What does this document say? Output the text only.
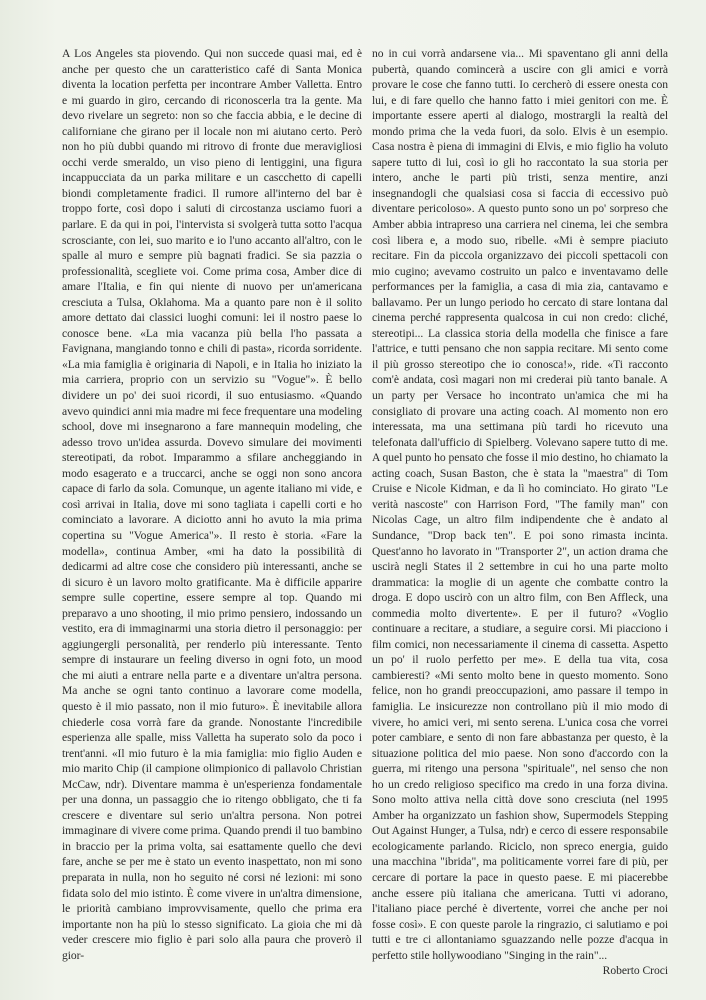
A Los Angeles sta piovendo. Qui non succede quasi mai, ed è anche per questo che un caratteristico café di Santa Monica diventa la location perfetta per incontrare Amber Valletta. Entro e mi guardo in giro, cercando di riconoscerla tra la gente. Ma devo rivelare un segreto: non so che faccia abbia, e le decine di californiane che girano per il locale non mi aiutano certo. Però non ho più dubbi quando mi ritrovo di fronte due meravigliosi occhi verde smeraldo, un viso pieno di lentiggini, una figura incappucciata da un parka militare e un cascchetto di capelli biondi completamente fradici. Il rumore all'interno del bar è troppo forte, così dopo i saluti di circostanza usciamo fuori a parlare. E da qui in poi, l'intervista si svolgerà tutta sotto l'acqua scrosciante, con lei, suo marito e io l'uno accanto all'altro, con le spalle al muro e sempre più bagnati fradici. Se sia pazzia o professionalità, scegliete voi. Come prima cosa, Amber dice di amare l'Italia, e fin qui niente di nuovo per un'americana cresciuta a Tulsa, Oklahoma. Ma a quanto pare non è il solito amore dettato dai classici luoghi comuni: lei il nostro paese lo conosce bene. «La mia vacanza più bella l'ho passata a Favignana, mangiando tonno e chili di pasta», ricorda sorridente. «La mia famiglia è originaria di Napoli, e in Italia ho iniziato la mia carriera, proprio con un servizio su "Vogue"». È bello dividere un po' dei suoi ricordi, il suo entusiasmo. «Quando avevo quindici anni mia madre mi fece frequentare una modeling school, dove mi insegnarono a fare mannequin modeling, che adesso trovo un'idea assurda. Dovevo simulare dei movimenti stereotipati, da robot. Imparammo a sfilare ancheggiando in modo esagerato e a truccarci, anche se oggi non sono ancora capace di farlo da sola. Comunque, un agente italiano mi vide, e così arrivai in Italia, dove mi sono tagliata i capelli corti e ho cominciato a lavorare. A diciotto anni ho avuto la mia prima copertina su "Vogue America"». Il resto è storia. «Fare la modella», continua Amber, «mi ha dato la possibilità di dedicarmi ad altre cose che considero più interessanti, anche se di sicuro è un lavoro molto gratificante. Ma è difficile apparire sempre sulle copertine, essere sempre al top. Quando mi preparavo a uno shooting, il mio primo pensiero, indossando un vestito, era di immaginarmi una storia dietro il personaggio: per aggiungergli personalità, per renderlo più interessante. Tento sempre di instaurare un feeling diverso in ogni foto, un mood che mi aiuti a entrare nella parte e a diventare un'altra persona. Ma anche se ogni tanto continuo a lavorare come modella, questo è il mio passato, non il mio futuro». È inevitabile allora chiederle cosa vorrà fare da grande. Nonostante l'incredibile esperienza alle spalle, miss Valletta ha superato solo da poco i trent'anni. «Il mio futuro è la mia famiglia: mio figlio Auden e mio marito Chip (il campione olimpionico di pallavolo Christian McCaw, ndr). Diventare mamma è un'esperienza fondamentale per una donna, un passaggio che io ritengo obbligato, che ti fa crescere e diventare sul serio un'altra persona. Non potrei immaginare di vivere come prima. Quando prendi il tuo bambino in braccio per la prima volta, sai esattamente quello che devi fare, anche se per me è stato un evento inaspettato, non mi sono preparata in nulla, non ho seguito né corsi né lezioni: mi sono fidata solo del mio istinto. È come vivere in un'altra dimensione, le priorità cambiano improvvisamente, quello che prima era importante non ha più lo stesso significato. La gioia che mi dà veder crescere mio figlio è pari solo alla paura che proverò il gior-

no in cui vorrà andarsene via... Mi spaventano gli anni della pubertà, quando comincerà a uscire con gli amici e vorrà provare le cose che fanno tutti. Io cercherò di essere onesta con lui, e di fare quello che hanno fatto i miei genitori con me. È importante essere aperti al dialogo, mostrargli la realtà del mondo prima che la veda fuori, da solo. Elvis è un esempio. Casa nostra è piena di immagini di Elvis, e mio figlio ha voluto sapere tutto di lui, così io gli ho raccontato la sua storia per intero, anche le parti più tristi, senza mentire, anzi insegnandogli che qualsiasi cosa si faccia di eccessivo può diventare pericoloso». A questo punto sono un po' sorpreso che Amber abbia intrapreso una carriera nel cinema, lei che sembra così libera e, a modo suo, ribelle. «Mi è sempre piaciuto recitare. Fin da piccola organizzavo dei piccoli spettacoli con mio cugino; avevamo costruito un palco e inventavamo delle performances per la famiglia, a casa di mia zia, cantavamo e ballavamo. Per un lungo periodo ho cercato di stare lontana dal cinema perché rappresenta qualcosa in cui non credo: cliché, stereotipi... La classica storia della modella che finisce a fare l'attrice, e tutti pensano che non sappia recitare. Mi sento come il più grosso stereotipo che io conosca!», ride. «Ti racconto com'è andata, così magari non mi crederai più tanto banale. A un party per Versace ho incontrato un'amica che mi ha consigliato di provare una acting coach. Al momento non ero interessata, ma una settimana più tardi ho ricevuto una telefonata dall'ufficio di Spielberg. Volevano sapere tutto di me. A quel punto ho pensato che fosse il mio destino, ho chiamato la acting coach, Susan Baston, che è stata la "maestra" di Tom Cruise e Nicole Kidman, e da lì ho cominciato. Ho girato "Le verità nascoste" con Harrison Ford, "The family man" con Nicolas Cage, un altro film indipendente che è andato al Sundance, "Drop back ten". E poi sono rimasta incinta. Quest'anno ho lavorato in "Transporter 2", un action drama che uscirà negli States il 2 settembre in cui ho una parte molto drammatica: la moglie di un agente che combatte contro la droga. E dopo uscirò con un altro film, con Ben Affleck, una commedia molto divertente». E per il futuro? «Voglio continuare a recitare, a studiare, a seguire corsi. Mi piacciono i film comici, non necessariamente il cinema di cassetta. Aspetto un po' il ruolo perfetto per me». E della tua vita, cosa cambieresti? «Mi sento molto bene in questo momento. Sono felice, non ho grandi preoccupazioni, amo passare il tempo in famiglia. Le insicurezze non controllano più il mio modo di vivere, ho amici veri, mi sento serena. L'unica cosa che vorrei poter cambiare, e sento di non fare abbastanza per questo, è la situazione politica del mio paese. Non sono d'accordo con la guerra, mi ritengo una persona "spirituale", nel senso che non ho un credo religioso specifico ma credo in una forza divina. Sono molto attiva nella città dove sono cresciuta (nel 1995 Amber ha organizzato un fashion show, Supermodels Stepping Out Against Hunger, a Tulsa, ndr) e cerco di essere responsabile ecologicamente parlando. Riciclo, non spreco energia, guido una macchina "ibrida", ma politicamente vorrei fare di più, per cercare di portare la pace in questo paese. E mi piacerebbe anche essere più italiana che americana. Tutti vi adorano, l'italiano piace perché è divertente, vorrei che anche per noi fosse così». E con queste parole la ringrazio, ci salutiamo e poi tutti e tre ci allontaniamo sguazzando nelle pozze d'acqua in perfetto stile hollywoodiano "Singing in the rain"...
Roberto Croci
